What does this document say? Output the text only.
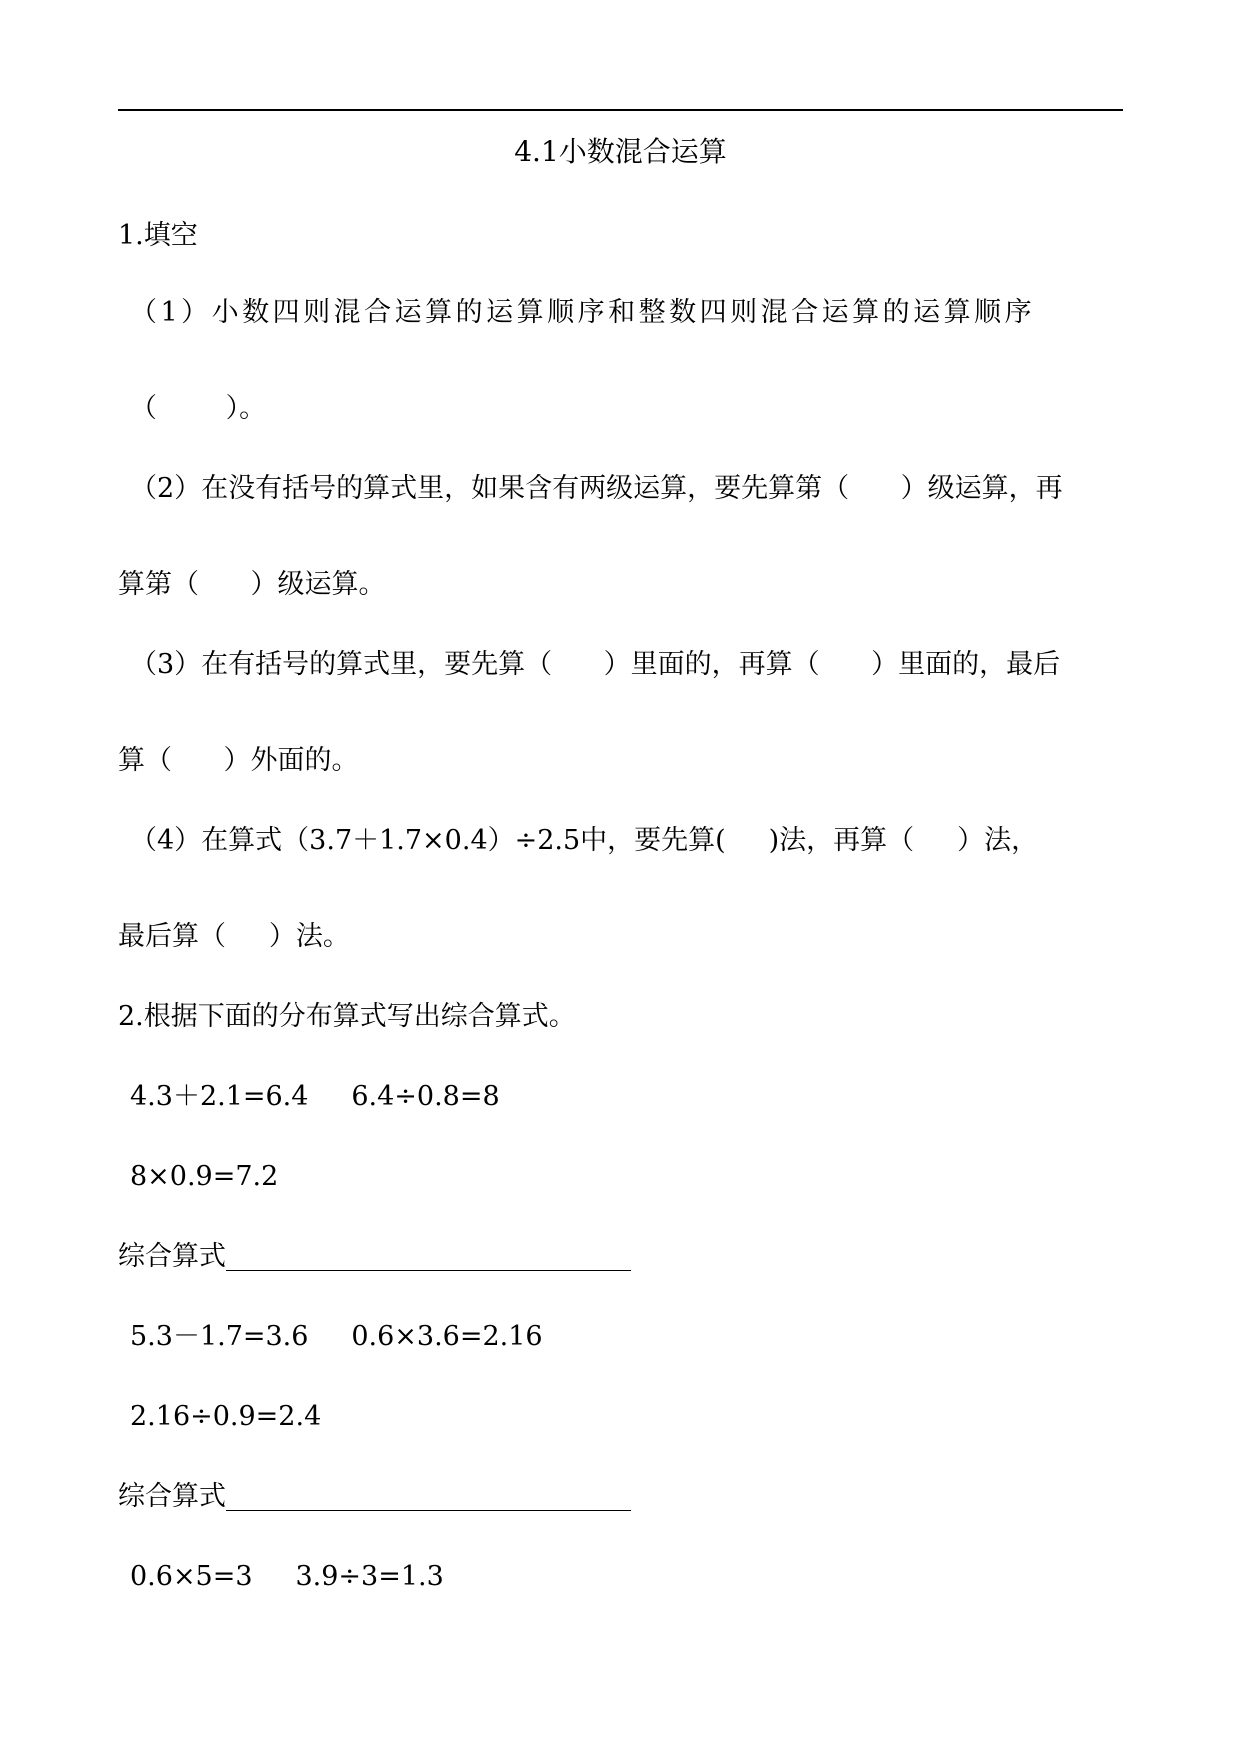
4.1小数混合运算
1.填空
（1）小数四则混合运算的运算顺序和整数四则混合运算的运算顺序
（        ）。
（2）在没有括号的算式里，如果含有两级运算，要先算第（      ）级运算，再
算第（      ）级运算。
（3）在有括号的算式里，要先算（      ）里面的，再算（      ）里面的，最后
算（      ）外面的。
（4）在算式（3.7＋1.7×0.4）÷2.5中，要先算(     )法，再算（     ）法，
最后算（     ）法。
2.根据下面的分布算式写出综合算式。
4.3＋2.1=6.4     6.4÷0.8=8
8×0.9=7.2
综合算式
5.3－1.7=3.6     0.6×3.6=2.16
2.16÷0.9=2.4
综合算式
0.6×5=3     3.9÷3=1.3
